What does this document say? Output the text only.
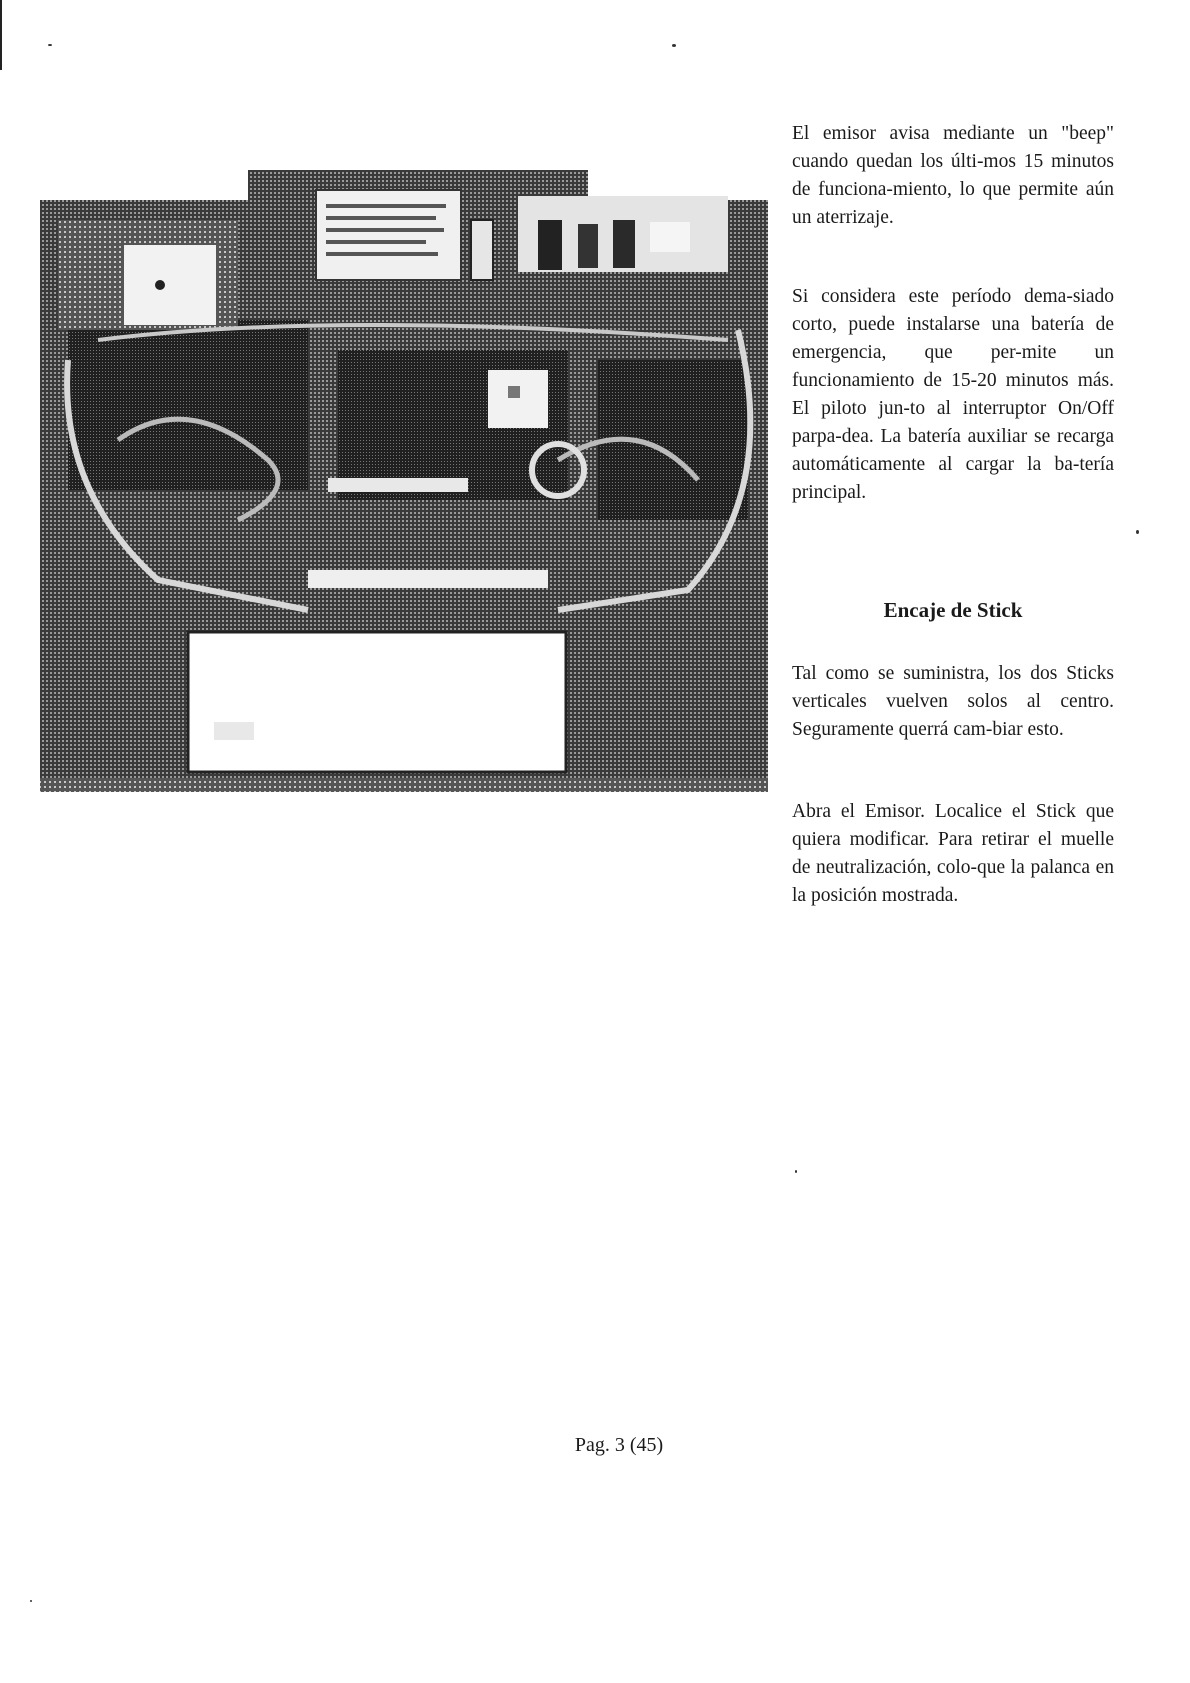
El emisor avisa mediante un "beep" cuando quedan los últi-mos 15 minutos de funciona-miento, lo que permite aún un aterrizaje.

Si considera este período dema-siado corto, puede instalarse una batería de emergencia, que per-mite un funcionamiento de 15-20 minutos más. El piloto jun-to al interruptor On/Off parpa-dea. La batería auxiliar se recarga automáticamente al cargar la ba-tería principal.

Encaje de Stick

Tal como se suministra, los dos Sticks verticales vuelven solos al centro. Seguramente querrá cam-biar esto.

Abra el Emisor. Localice el Stick que quiera modificar. Para retirar el muelle de neutralización, colo-que la palanca en la posición mostrada.

Pag. 3 (45)
